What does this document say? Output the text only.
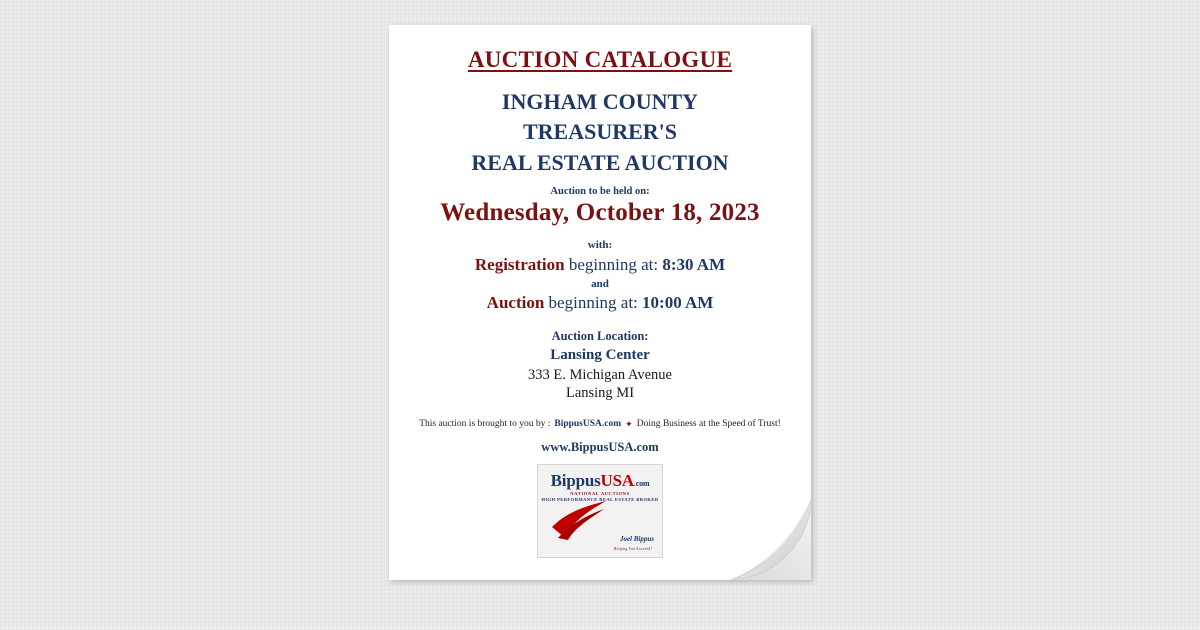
AUCTION CATALOGUE
INGHAM COUNTY
TREASURER'S
REAL ESTATE AUCTION
Auction to be held on:
Wednesday, October 18, 2023
with:
Registration beginning at: 8:30 AM
and
Auction beginning at: 10:00 AM
Auction Location:
Lansing Center
333 E. Michigan Avenue
Lansing MI
This auction is brought to you by : BippusUSA.com ✦ Doing Business at the Speed of Trust!
www.BippusUSA.com
BippusUSA.com
NATIONAL AUCTIONS
HIGH PERFORMANCE REAL ESTATE BROKER
Joel Bippus
Helping You Succeed!
